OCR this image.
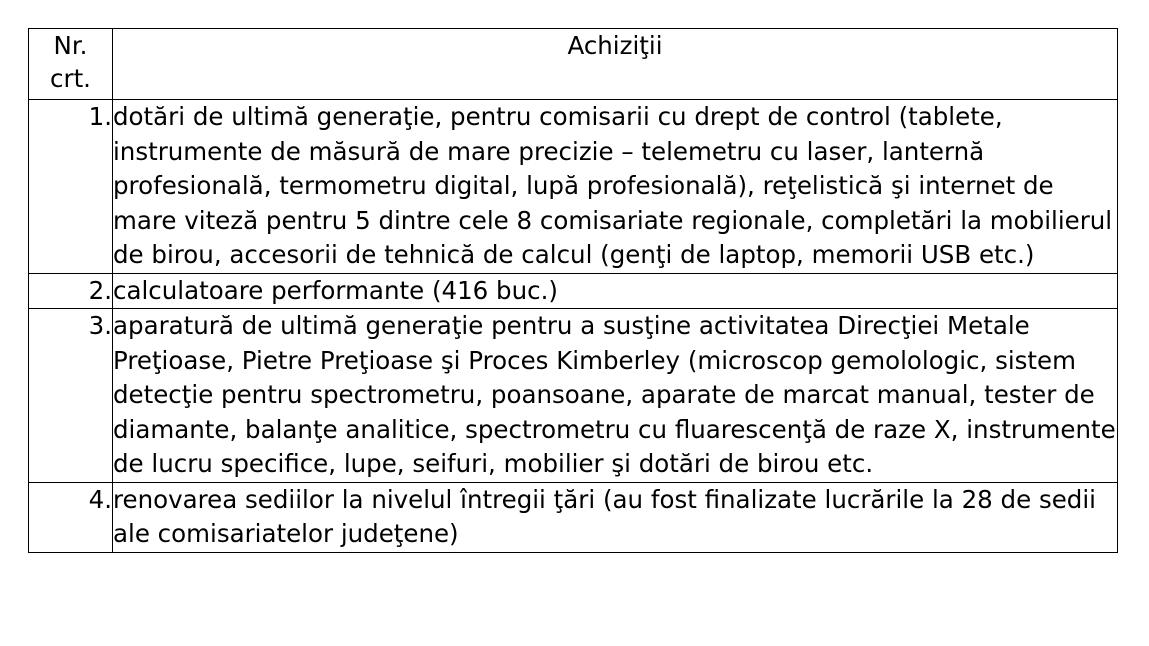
Nr.
crt.	Achiziţii
1.	dotări de ultimă generaţie, pentru comisarii cu drept de control (tablete, instrumente de măsură de mare precizie – telemetru cu laser, lanternă profesională, termometru digital, lupă profesională), reţelistică şi internet de mare viteză pentru 5 dintre cele 8 comisariate regionale, completări la mobilierul de birou, accesorii de tehnică de calcul (genţi de laptop, memorii USB etc.)
2.	calculatoare performante (416 buc.)
3.	aparatură de ultimă generaţie pentru a susţine activitatea Direcţiei Metale Preţioase, Pietre Preţioase şi Proces Kimberley (microscop gemolologic, sistem detecţie pentru spectrometru, poansoane, aparate de marcat manual, tester de diamante, balanţe analitice, spectrometru cu fluarescenţă de raze X, instrumente de lucru specifice, lupe, seifuri, mobilier şi dotări de birou etc.
4.	renovarea sediilor la nivelul întregii ţări (au fost finalizate lucrările la 28 de sedii ale comisariatelor judeţene)
